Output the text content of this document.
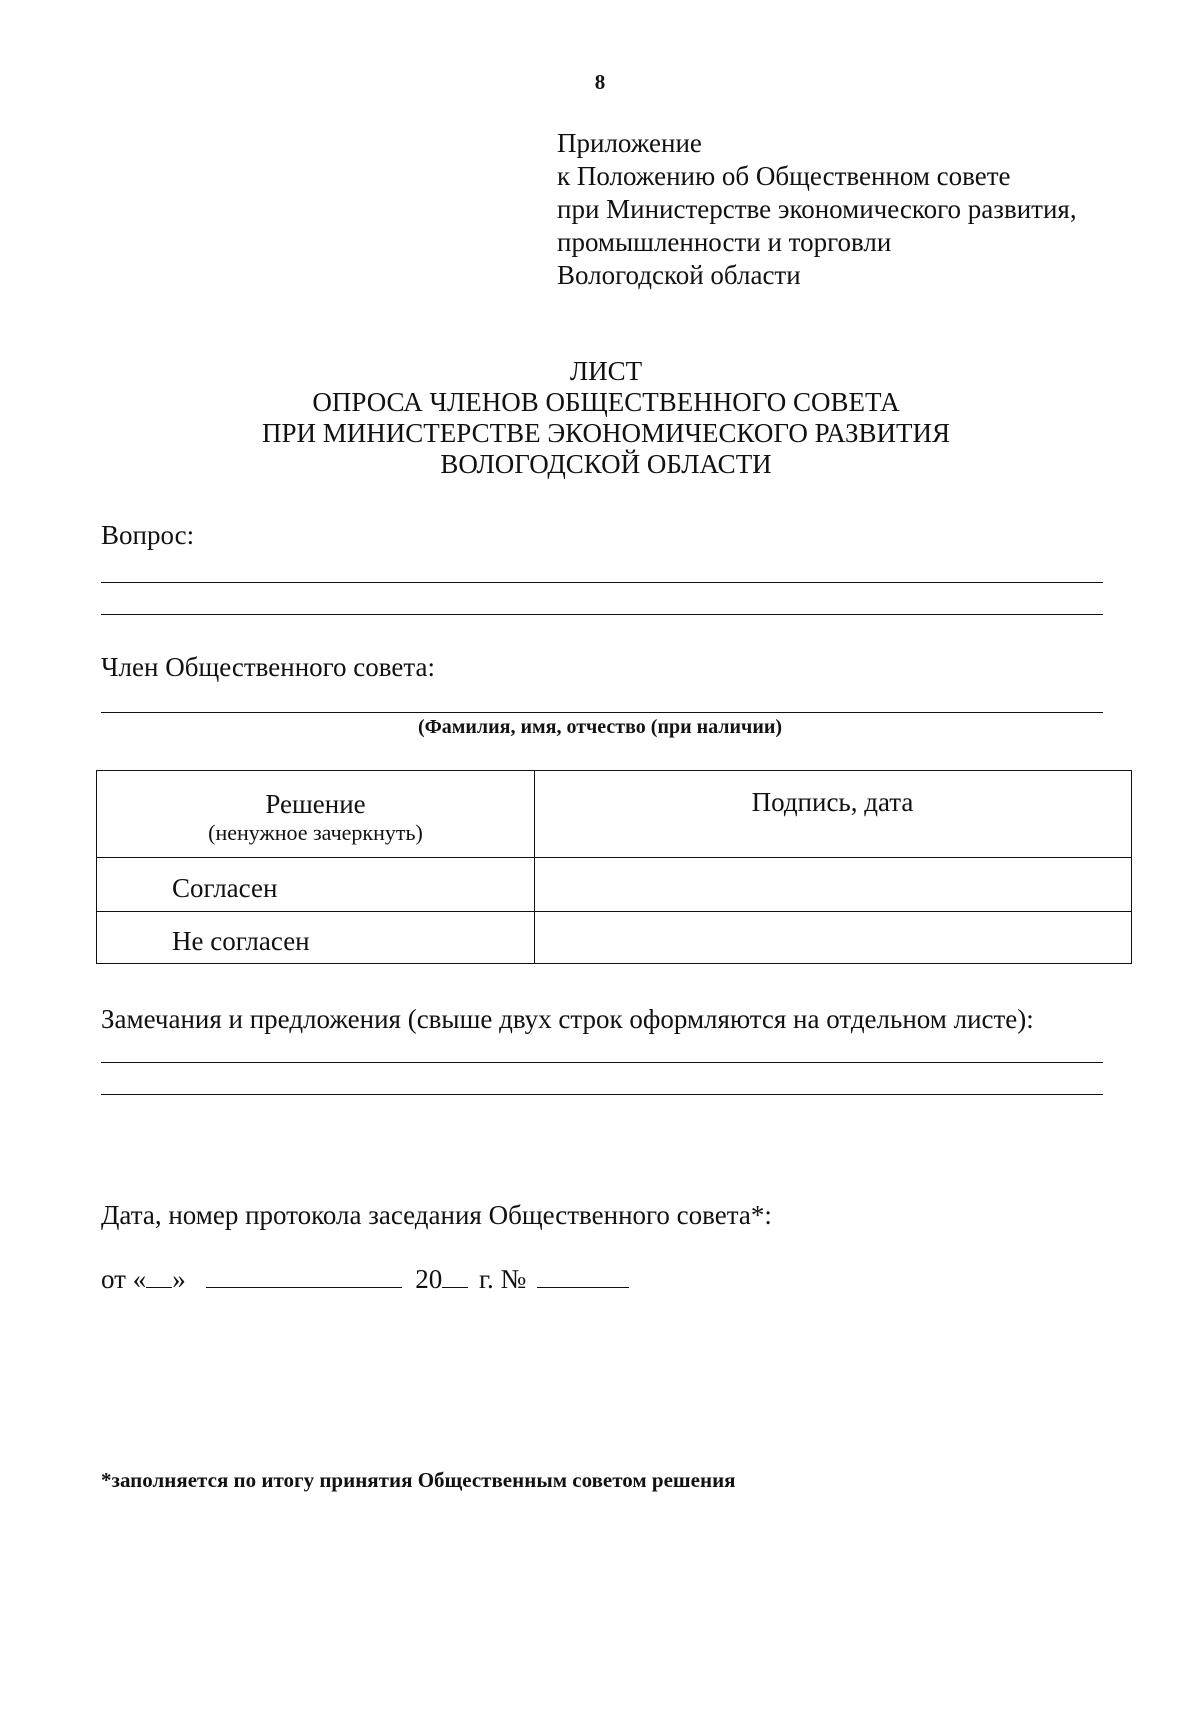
8
Приложение
к Положению об Общественном совете
при Министерстве экономического развития,
промышленности и торговли
Вологодской области
ЛИСТ
ОПРОСА ЧЛЕНОВ ОБЩЕСТВЕННОГО СОВЕТА
ПРИ МИНИСТЕРСТВЕ ЭКОНОМИЧЕСКОГО РАЗВИТИЯ
ВОЛОГОДСКОЙ ОБЛАСТИ
Вопрос:
Член Общественного совета:
(Фамилия, имя, отчество (при наличии)
Решение
(ненужное зачеркнуть)
Подпись, дата
Согласен
Не согласен
Замечания и предложения (свыше двух строк оформляются на отдельном листе):
Дата, номер протокола заседания Общественного совета*:
от « »	20 г. №
*заполняется по итогу принятия Общественным советом решения
